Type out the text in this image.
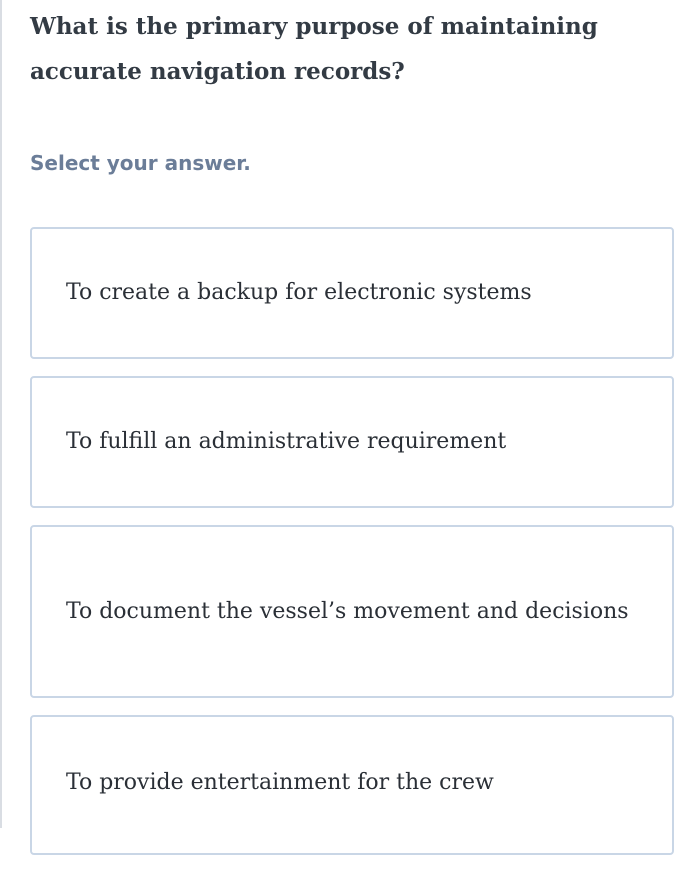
What is the primary purpose of maintaining accurate navigation records?

Select your answer.

To create a backup for electronic systems
To fulfill an administrative requirement
To document the vessel’s movement and decisions
To provide entertainment for the crew
